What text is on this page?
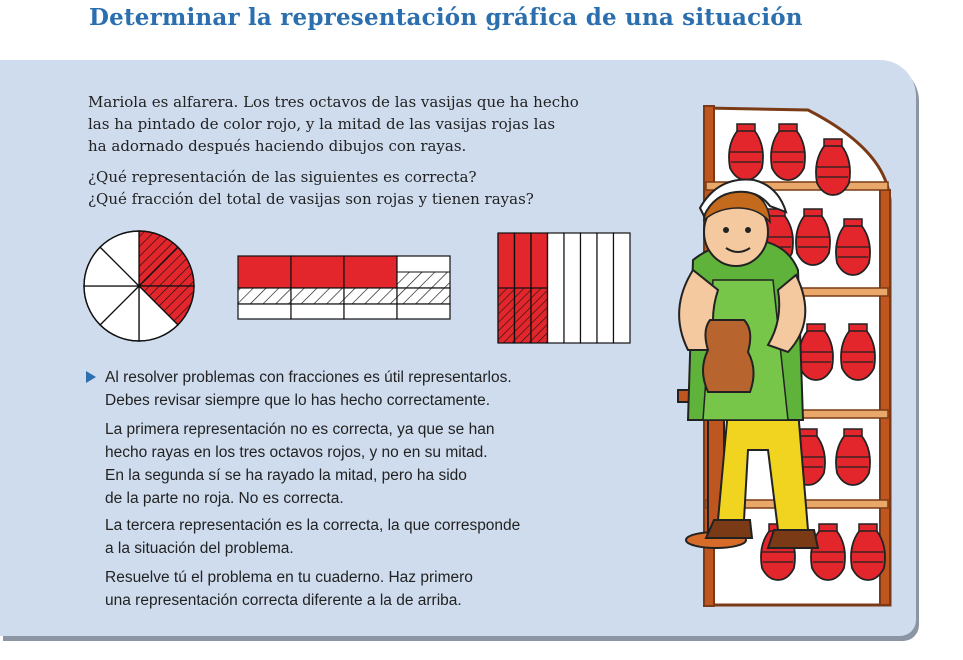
Determinar la representación gráfica de una situación
Mariola es alfarera. Los tres octavos de las vasijas que ha hecho
las ha pintado de color rojo, y la mitad de las vasijas rojas las
ha adornado después haciendo dibujos con rayas.
¿Qué representación de las siguientes es correcta?
¿Qué fracción del total de vasijas son rojas y tienen rayas?
Al resolver problemas con fracciones es útil representarlos.
Debes revisar siempre que lo has hecho correctamente.
La primera representación no es correcta, ya que se han
hecho rayas en los tres octavos rojos, y no en su mitad.
En la segunda sí se ha rayado la mitad, pero ha sido
de la parte no roja. No es correcta.
La tercera representación es la correcta, la que corresponde
a la situación del problema.
Resuelve tú el problema en tu cuaderno. Haz primero
una representación correcta diferente a la de arriba.
